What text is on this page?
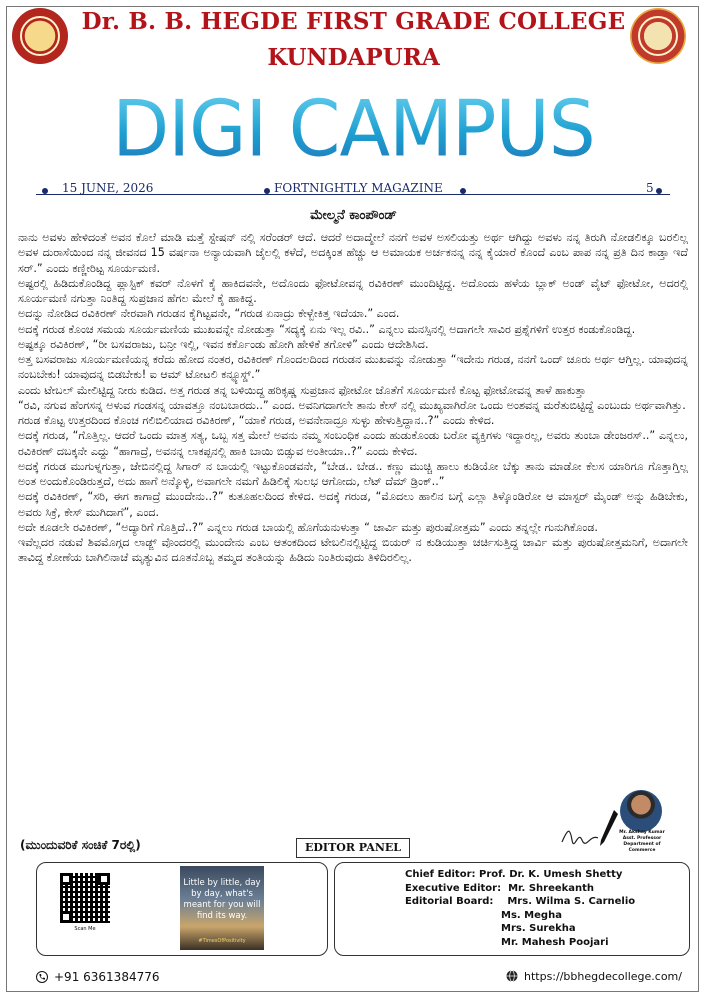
Dr. B. B. HEGDE FIRST GRADE COLLEGE
KUNDAPURA
DIGI CAMPUS
15 JUNE, 2026	FORTNIGHTLY MAGAZINE	5
ಮೇಲ್ಮನೆ ಕಾಂಪೌಂಡ್

ನಾನು ಅವಳು ಹೇಳಿದಂತೆ ಅವನ ಕೊಲೆ ಮಾಡಿ ಮತ್ತೆ ಸ್ಟೇಷನ್ ನಲ್ಲಿ ಸರೆಂಡರ್ ಆದೆ. ಆದರೆ ಅದಾದ್ಮೇಲೆ ನನಗೆ ಅವಳ ಅಸಲಿಯತ್ತು ಅರ್ಥ ಆಗಿದ್ದು ಅವಳು ನನ್ನ ತಿರುಗಿ ನೋಡಲಿಕ್ಕೂ ಬರಲಿಲ್ಲ ಅವಳ ದುರಾಸೆಯಿಂದ ನನ್ನ ಜೀವನದ 15 ವರ್ಷನಾ ಅನ್ಯಾಯವಾಗಿ ಜೈಲಲ್ಲಿ ಕಳೆದೆ, ಅದಕ್ಕಿಂತ ಹೆಚ್ಚು ಆ ಅಮಾಯಕ ಅರ್ಚಕನನ್ನ ನನ್ನ ಕೈಯಾರೆ ಕೊಂದೆ ಎಂಬ ಪಾಪ ನನ್ನ ಪ್ರತಿ ದಿನ ಕಾಡ್ತಾ ಇದೆ ಸರ್.” ಎಂದು ಕಣ್ಣೀರಿಟ್ಟ ಸೂರ್ಯಮಣಿ.

ಅಷ್ಟರಲ್ಲಿ ಹಿಡಿದುಕೊಂಡಿದ್ದ ಪ್ಲಾಸ್ಟಿಕ್ ಕವರ್ ನೊಳಗೆ ಕೈ ಹಾಕಿದವನೇ, ಅದೊಂದು ಫೋಟೋವನ್ನ ರವಿಕಿರಣ್ ಮುಂದಿಟ್ಟಿದ್ದ. ಅದೊಂದು ಹಳೆಯ ಬ್ಲಾಕ್ ಅಂಡ್ ವೈಟ್ ಫೋಟೋ, ಅದರಲ್ಲಿ ಸೂರ್ಯಮಣಿ ನಗುತ್ತಾ ನಿಂತಿದ್ದ ಸುಪ್ರಜಾನ ಹೆಗಲ ಮೇಲೆ ಕೈ ಹಾಕಿದ್ದ.

ಅದನ್ನು ನೋಡಿದ ರವಿಕಿರಣ್ ನೇರವಾಗಿ ಗರುಡನ ಕೈಗಿಟ್ಟವನೇ, “ಗರುಡ ಏನಾದ್ರು ಕೇಳ್ಬೇಕಿತ್ತ ಇದೆಯಾ.” ಎಂದ.

ಅದಕ್ಕೆ ಗರುಡ ಕೊಂಚ ಸಮಯ ಸೂರ್ಯಮಣಿಯ ಮುಖವನ್ನೇ ನೋಡುತ್ತಾ “ಸದ್ಯಕ್ಕೆ ಏನು ಇಲ್ಲ ರವಿ..” ಎನ್ನಲು ಮನಸ್ಸಿನಲ್ಲಿ ಅದಾಗಲೇ ಸಾವಿರ ಪ್ರಶ್ನೆಗಳಿಗೆ ಉತ್ತರ ಕಂಡುಕೊಂಡಿದ್ದ.

ಅಷ್ಟಕ್ಕೂ ರವಿಕಿರಣ್, “ರೀ ಬಸವರಾಜು, ಬನ್ರೀ ಇಲ್ಲಿ, ಇವನ ಕರ್ಕೊಂಡು ಹೋಗಿ ಹೇಳಿಕೆ ತಗೋಳಿ” ಎಂದು ಆದೇಶಿಸಿದ.

ಅತ್ತ ಬಸವರಾಜು ಸೂರ್ಯಮಣಿಯನ್ನ ಕರೆದು ಹೋದ ನಂತರ, ರವಿಕಿರಣ್ ಗೊಂದಲದಿಂದ ಗರುಡನ ಮುಖವನ್ನು ನೋಡುತ್ತಾ “ಇದೇನು ಗರುಡ, ನನಗೆ ಒಂದ್ ಚೂರು ಅರ್ಥ ಆಗ್ತಿಲ್ಲ. ಯಾವುದನ್ನ ನಂಬಬೇಕು! ಯಾವುದನ್ನ ಬಿಡಬೇಕು! ಐ ಆಮ್ ಟೋಟಲಿ ಕನ್ಫ್ಯೂಸ್ಡ್.”

ಎಂದು ಟೇಬಲ್ ಮೇಲಿಟ್ಟಿದ್ದ ನೀರು ಕುಡಿದ. ಅತ್ತ ಗರುಡ ತನ್ನ ಬಳಿಯಿದ್ದ ಹರಿಕೃಷ್ಣ ಸುಪ್ರಜಾನ ಫೋಟೋ ಜೊತೆಗೆ ಸೂರ್ಯಮಣಿ ಕೊಟ್ಟ ಫೋಟೋವನ್ನ ತಾಳೆ ಹಾಕುತ್ತಾ

“ರವಿ, ನಗುವ ಹೆಂಗಸನ್ನ ಅಳುವ ಗಂಡಸನ್ನ ಯಾವತ್ತೂ ನಂಬಬಾರದು..” ಎಂದ. ಅವನಿಗದಾಗಲೇ ತಾನು ಕೇಸ್ ನಲ್ಲಿ ಮುಖ್ಯವಾಗಿರೋ ಒಂದು ಅಂಶವನ್ನ ಮರೆತುಬಿಟ್ಟಿದ್ದೆ ಎಂಬುದು ಅರ್ಥವಾಗಿತ್ತು.

ಗರುಡ ಕೊಟ್ಟ ಉತ್ತರದಿಂದ ಕೊಂಚ ಗಲಿಬಿಲಿಯಾದ ರವಿಕಿರಣ್, “ಯಾಕೆ ಗರುಡ, ಅವನೇನಾದ್ರೂ ಸುಳ್ಳು ಹೇಳುತ್ತಿದ್ದಾನ..?” ಎಂದು ಕೇಳಿದ.

ಅದಕ್ಕೆ ಗರುಡ, “ಗೊತ್ತಿಲ್ಲ. ಆದರೆ ಒಂದು ಮಾತ್ರ ಸತ್ಯ, ಒಬ್ಬ ಸತ್ತ ಮೇಲೆ ಅವನು ನಮ್ಮ ಸಂಬಂಧಿಕ ಎಂದು ಹುಡುಕೊಂಡು ಬರೋ ವ್ಯಕ್ತಿಗಳು ಇದ್ದಾರಲ್ಲ, ಅವರು ತುಂಬಾ ಡೇಂಜರಸ್..” ಎನ್ನಲು, ರವಿಕಿರಣ್ ದಬಕ್ಕನೇ ಎದ್ದು “ಹಾಗಾದ್ರೆ, ಅವನನ್ನ ಲಾಕಪ್ಪನಲ್ಲಿ ಹಾಕಿ ಬಾಯಿ ಬಿಡ್ಸುವ ಅಂತೀಯಾ..?” ಎಂದು ಕೇಳಿದ.

ಅದಕ್ಕೆ ಗರುಡ ಮುಗುಳ್ನಗುತ್ತಾ, ಜೇಬಿನಲ್ಲಿದ್ದ ಸಿಗಾರ್ ನ ಬಾಯಲ್ಲಿ ಇಟ್ಟುಕೊಂಡವನೇ, “ಬೇಡ.. ಬೇಡ.. ಕಣ್ಣು ಮುಚ್ಚಿ ಹಾಲು ಕುಡಿಯೋ ಬೆಕ್ಕು ತಾನು ಮಾಡೋ ಕೆಲಸ ಯಾರಿಗೂ ಗೊತ್ತಾಗ್ತಿಲ್ಲ ಅಂತ ಅಂದುಕೊಂಡಿರುತ್ತದೆ, ಅದು ಹಾಗೆ ಅನ್ಕೊಳ್ಳಿ, ಅವಾಗಲೇ ನಮಗೆ ಹಿಡಿಲಿಕ್ಕೆ ಸುಲಭ ಆಗೋದು, ಲೆಟ್ ದೆಮ್ ಡ್ರಿಂಕ್..”

ಅದಕ್ಕೆ ರವಿಕಿರಣ್, “ಸರಿ, ಈಗ ಕಾಗಾದ್ರೆ ಮುಂದೇನು..?” ಕುತೂಹಲದಿಂದ ಕೇಳಿದ. ಅದಕ್ಕೆ ಗರುಡ, “ಮೊದಲು ಹಾಲಿನ ಬಗ್ಗೆ ಎಲ್ಲಾ ತಿಳ್ಕೊಂಡಿರೋ ಆ ಮಾಸ್ಟರ್ ಮೈಂಡ್ ಅನ್ನು ಹಿಡಿಬೇಕು, ಅವರು ಸಿಕ್ರೆ, ಕೇಸ್ ಮುಗಿದಾಗೆ”, ಎಂದ.

ಅದೇ ಕೂಡಲೇ ರವಿಕಿರಣ್, “ಅದ್ಯಾರಿಗೆ ಗೊತ್ತಿದೆ..?” ಎನ್ನಲು ಗರುಡ ಬಾಯಲ್ಲಿ ಹೊಗೆಯನುಳುತ್ತಾ “ ಚಾರ್ವಿ ಮತ್ತು ಪುರುಷೋತ್ತಮ” ಎಂದು ತನ್ನಲ್ಲೇ ಗುನುಗಿಕೊಂಡ.

ಇವೆಲ್ಲದರ ನಡುವೆ ಶಿವಮೊಗ್ಗದ ಲಾಡ್ಜ್ ವೊಂದರಲ್ಲಿ ಮುಂದೇನು ಎಂಬ ಆತಂಕದಿಂದ ಟೇಬಲಿನಲ್ಲಿಟ್ಟಿದ್ದ ಬಿಯರ್ ನ ಕುಡಿಯುತ್ತಾ ಚರ್ಚಿಸುತ್ತಿದ್ದ ಚಾರ್ವಿ ಮತ್ತು ಪುರುಷೋತ್ತಮನಿಗೆ, ಅದಾಗಲೇ ತಾವಿದ್ದ ಕೋಣೆಯ ಬಾಗಿಲಿನಾಚೆ ಮೃತ್ಯುವಿನ ದೂತನೊಬ್ಬ ತಮ್ಮದ ತಂತಿಯನ್ನು ಹಿಡಿದು ನಿಂತಿರುವುದು ತಿಳಿದಿರಲಿಲ್ಲ.

(ಮುಂದುವರಿಕೆ ಸಂಚಿಕೆ 7ರಲ್ಲಿ)	EDITOR PANEL
Mr. Akshay Kumar
Asst. Professor
Department of Commerce
Scan Me
Little by little, day by day, what's meant for you will find its way.
#TimesOfPositivity
Chief Editor: Prof. Dr. K. Umesh Shetty
Executive Editor: Mr. Shreekanth
Editorial Board: Mrs. Wilma S. Carnelio
Ms. Megha
Mrs. Surekha
Mr. Mahesh Poojari
+91 6361384776	https://bbhegdecollege.com/
